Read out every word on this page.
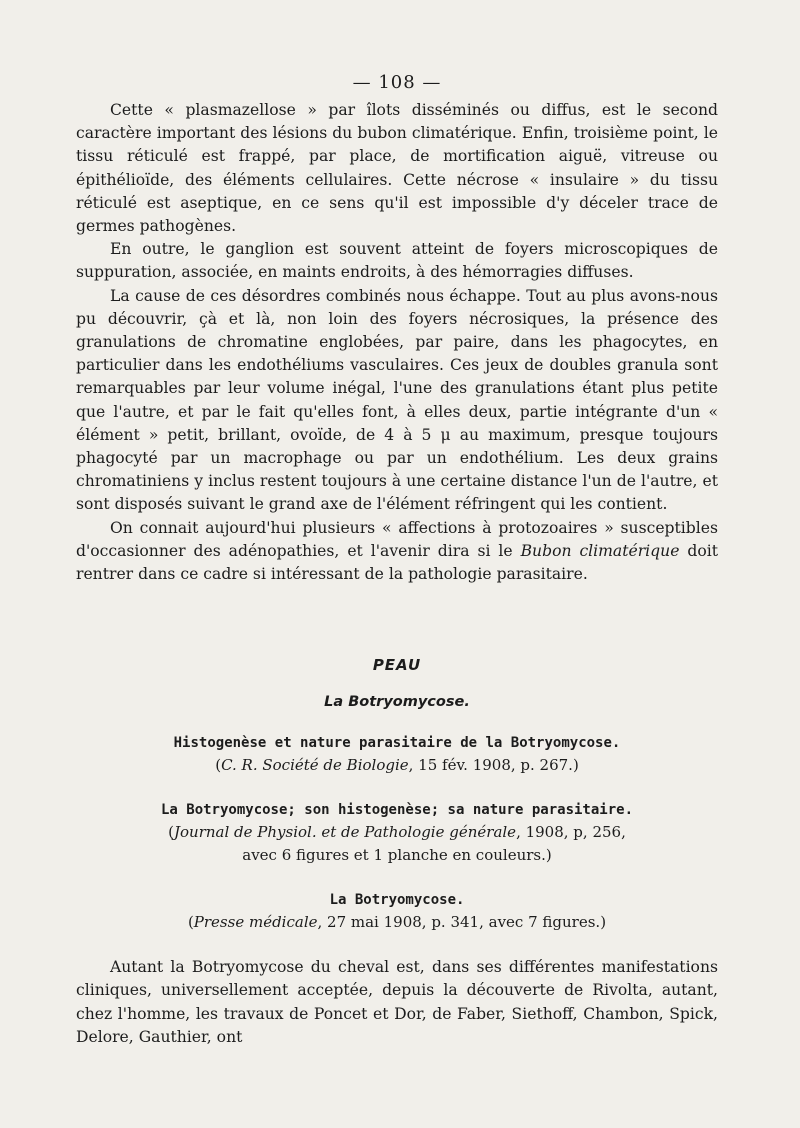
— 108 —

Cette « plasmazellose » par îlots disséminés ou diffus, est le second caractère important des lésions du bubon climatérique. Enfin, troisième point, le tissu réticulé est frappé, par place, de mortification aiguë, vitreuse ou épithélioïde, des éléments cellulaires. Cette nécrose « insulaire » du tissu réticulé est aseptique, en ce sens qu'il est impossible d'y déceler trace de germes pathogènes.

En outre, le ganglion est souvent atteint de foyers microscopiques de suppuration, associée, en maints endroits, à des hémorragies diffuses.

La cause de ces désordres combinés nous échappe. Tout au plus avons-nous pu découvrir, çà et là, non loin des foyers nécrosiques, la présence des granulations de chromatine englobées, par paire, dans les phagocytes, en particulier dans les endothéliums vasculaires. Ces jeux de doubles granula sont remarquables par leur volume inégal, l'une des granulations étant plus petite que l'autre, et par le fait qu'elles font, à elles deux, partie intégrante d'un « élément » petit, brillant, ovoïde, de 4 à 5 μ au maximum, presque toujours phagocyté par un macrophage ou par un endothélium. Les deux grains chromatiniens y inclus restent toujours à une certaine distance l'un de l'autre, et sont disposés suivant le grand axe de l'élément réfringent qui les contient.

On connait aujourd'hui plusieurs « affections à protozoaires » susceptibles d'occasionner des adénopathies, et l'avenir dira si le Bubon climatérique doit rentrer dans ce cadre si intéressant de la pathologie parasitaire.

PEAU
La Botryomycose.
Histogenèse et nature parasitaire de la Botryomycose.
(C. R. Société de Biologie, 15 fév. 1908, p. 267.)
La Botryomycose; son histogenèse; sa nature parasitaire.
(Journal de Physiol. et de Pathologie générale, 1908, p, 256,
avec 6 figures et 1 planche en couleurs.)
La Botryomycose.
(Presse médicale, 27 mai 1908, p. 341, avec 7 figures.)

Autant la Botryomycose du cheval est, dans ses différentes manifestations cliniques, universellement acceptée, depuis la découverte de Rivolta, autant, chez l'homme, les travaux de Poncet et Dor, de Faber, Siethoff, Chambon, Spick, Delore, Gauthier, ont
